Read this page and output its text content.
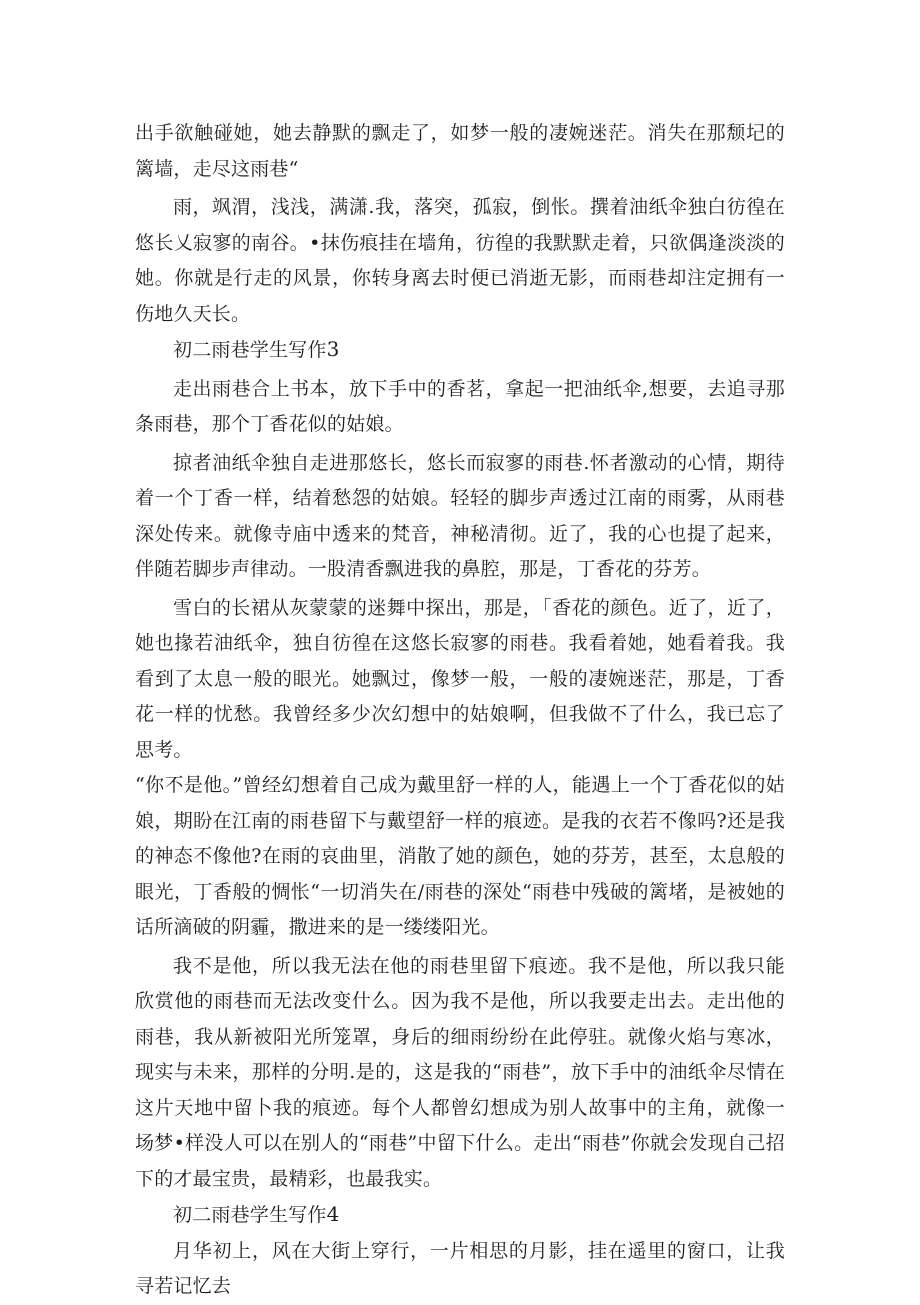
出手欲触碰她，她去静默的飘走了，如梦一般的凄婉迷茫。消失在那颓圮的篱墙，走尽这雨巷“

雨，飒渭，浅浅，满潇.我，落突，孤寂，倒怅。撰着油纸伞独白彷徨在悠长乂寂寥的南谷。•抹伤痕挂在墙角，彷徨的我默默走着，只欲偶逢淡淡的她。你就是行走的风景，你转身离去时便已消逝无影，而雨巷却注定拥有一伤地久天长。

初二雨巷学生写作3

走出雨巷合上书本，放下手中的香茗，拿起一把油纸伞,想要，去追寻那条雨巷，那个丁香花似的姑娘。

掠者油纸伞独自走进那悠长，悠长而寂寥的雨巷.怀者激动的心情，期待着一个丁香一样，结着愁怨的姑娘。轻轻的脚步声透过江南的雨雾，从雨巷深处传来。就像寺庙中透来的梵音，神秘清彻。近了，我的心也提了起来，伴随若脚步声律动。一股清香飘进我的鼻腔，那是，丁香花的芬芳。

雪白的长裙从灰蒙蒙的迷舞中探出，那是，「香花的颜色。近了，近了，她也掾若油纸伞，独自彷徨在这悠长寂寥的雨巷。我看着她，她看着我。我看到了太息一般的眼光。她飘过，像梦一般，一般的凄婉迷茫，那是，丁香花一样的忧愁。我曾经多少次幻想中的姑娘啊，但我做不了什么，我已忘了思考。

“你不是他。”曾经幻想着自己成为戴里舒一样的人，能遇上一个丁香花似的姑娘，期盼在江南的雨巷留下与戴望舒一样的痕迹。是我的衣若不像吗?还是我的神态不像他?在雨的哀曲里，消散了她的颜色，她的芬芳，甚至，太息般的眼光，丁香般的惆怅“一切消失在/雨巷的深处“雨巷中残破的篱堵，是被她的话所滴破的阴霾，撒进来的是一缕缕阳光。

我不是他，所以我无法在他的雨巷里留下痕迹。我不是他，所以我只能欣赏他的雨巷而无法改变什么。因为我不是他，所以我要走出去。走出他的雨巷，我从新被阳光所笼罩，身后的细雨纷纷在此停驻。就像火焰与寒冰，现实与未来，那样的分明.是的，这是我的“雨巷”，放下手中的油纸伞尽情在这片天地中留卜我的痕迹。每个人都曾幻想成为别人故事中的主角，就像一场梦•样没人可以在别人的“雨巷”中留下什么。走出“雨巷”你就会发现自己招下的才最宝贵，最精彩，也最我实。

初二雨巷学生写作4

月华初上，风在大街上穿行，一片相思的月影，挂在遥里的窗口，让我寻若记忆去
